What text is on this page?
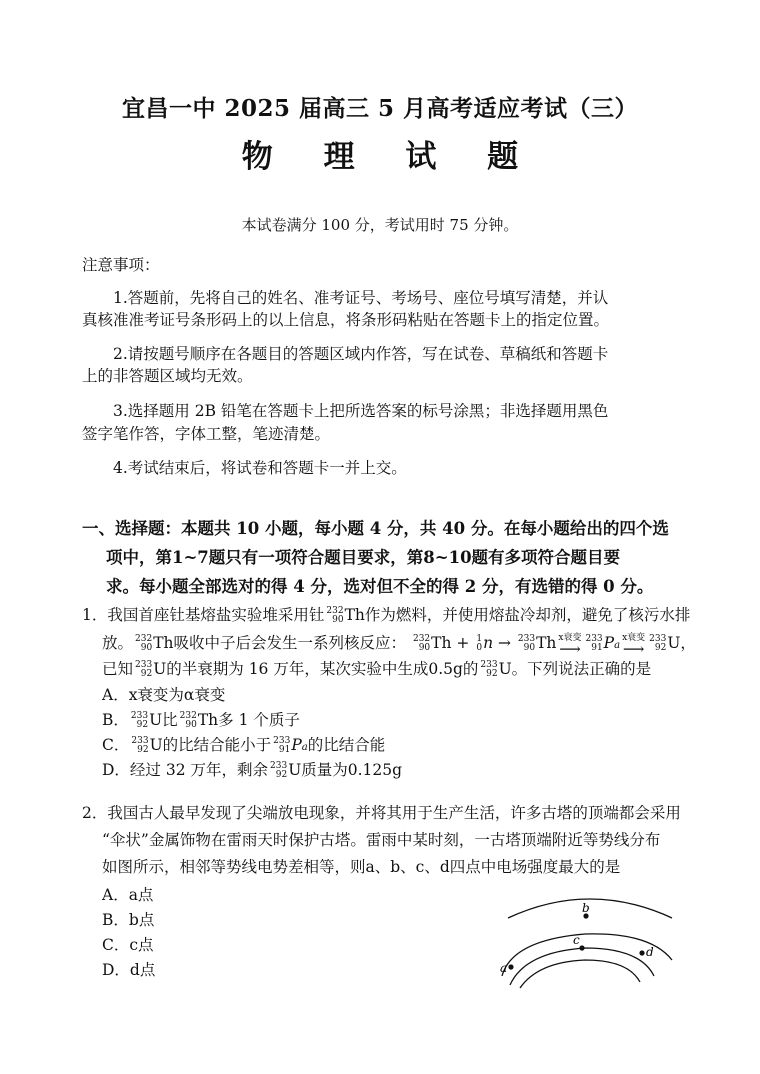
宜昌一中 2025 届高三 5 月高考适应考试（三）
物 理 试 题
本试卷满分 100 分，考试用时 75 分钟。
注意事项：
1.答题前，先将自己的姓名、准考证号、考场号、座位号填写清楚，并认
真核准准考证号条形码上的以上信息，将条形码粘贴在答题卡上的指定位置。
2.请按题号顺序在各题目的答题区域内作答，写在试卷、草稿纸和答题卡
上的非答题区域均无效。
3.选择题用 2B 铅笔在答题卡上把所选答案的标号涂黑；非选择题用黑色
签字笔作答，字体工整，笔迹清楚。
4.考试结束后，将试卷和答题卡一并上交。
一、选择题：本题共 10 小题，每小题 4 分，共 40 分。在每小题给出的四个选
项中，第1~7题只有一项符合题目要求，第8~10题有多项符合题目要
求。每小题全部选对的得 4 分，选对但不全的得 2 分，有选错的得 0 分。
1．我国首座钍基熔盐实验堆采用钍 232
90 Th作为燃料，并使用熔盐冷却剂，避免了核污水排
放。 232
90 Th吸收中子后会发生一系列核反应： 232
90 Th + 1
0 n → 233
90 Th x衰变
⟶
233
91 Pa
x衰变
⟶
233
92 U，
已知 233
92 U的半衰期为 16 万年，某次实验中生成0.5g的 233
92 U。下列说法正确的是
A．x衰变为α衰变
B． 233
92 U比 232
90 Th多 1 个质子
C． 233
92 U的比结合能小于 233
91 Pa的比结合能
D．经过 32 万年，剩余 233
92 U质量为0.125g
2．我国古人最早发现了尖端放电现象，并将其用于生产生活，许多古塔的顶端都会采用
“伞状”金属饰物在雷雨天时保护古塔。雷雨中某时刻，一古塔顶端附近等势线分布
如图所示，相邻等势线电势差相等，则a、b、c、d四点中电场强度最大的是
A．a点
B．b点
C．c点
D．d点
b
c
d
a
